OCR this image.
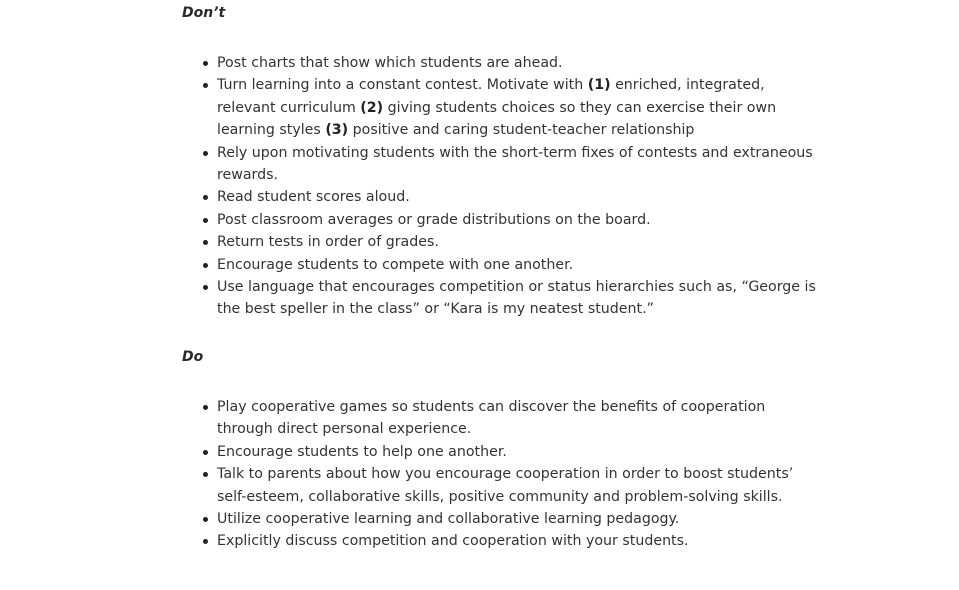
Don’t

Post charts that show which students are ahead.
Turn learning into a constant contest. Motivate with (1) enriched, integrated, relevant curriculum (2) giving students choices so they can exercise their own learning styles (3) positive and caring student-teacher relationship
Rely upon motivating students with the short-term fixes of contests and extraneous rewards.
Read student scores aloud.
Post classroom averages or grade distributions on the board.
Return tests in order of grades.
Encourage students to compete with one another.
Use language that encourages competition or status hierarchies such as, “George is the best speller in the class” or “Kara is my neatest student.”

Do

Play cooperative games so students can discover the benefits of cooperation through direct personal experience.
Encourage students to help one another.
Talk to parents about how you encourage cooperation in order to boost students’ self-esteem, collaborative skills, positive community and problem-solving skills.
Utilize cooperative learning and collaborative learning pedagogy.
Explicitly discuss competition and cooperation with your students.
